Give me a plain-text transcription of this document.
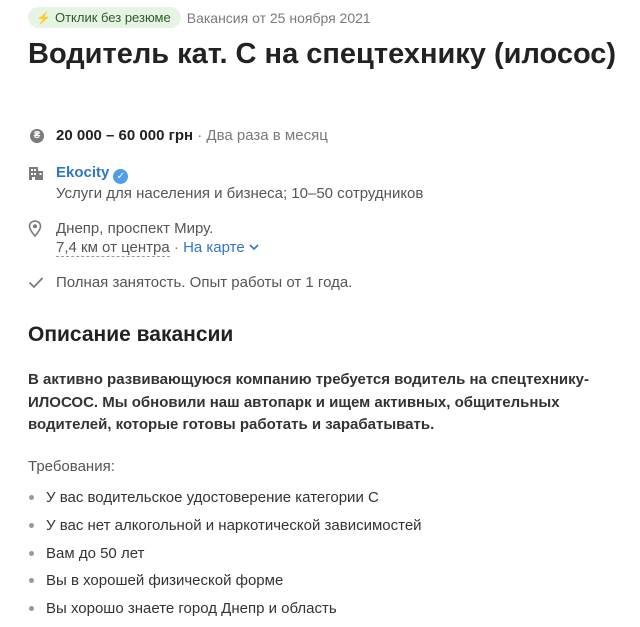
⚡ Отклик без резюме Вакансия от 25 ноября 2021
Водитель кат. С на спецтехнику (илосос)
₴ 20 000 – 60 000 грн · Два раза в месяц
Ekocity ✓
Услуги для населения и бизнеса; 10–50 сотрудников
Днепр, проспект Миру.
7,4 км от центра · На карте
Полная занятость. Опыт работы от 1 года.
Описание вакансии

В активно развивающуюся компанию требуется водитель на спецтехнику- ИЛОСОС. Мы обновили наш автопарк и ищем активных, общительных водителей, которые готовы работать и зарабатывать.

Требования:
У вас водительское удостоверение категории С
У вас нет алкогольной и наркотической зависимостей
Вам до 50 лет
Вы в хорошей физической форме
Вы хорошо знаете город Днепр и область
